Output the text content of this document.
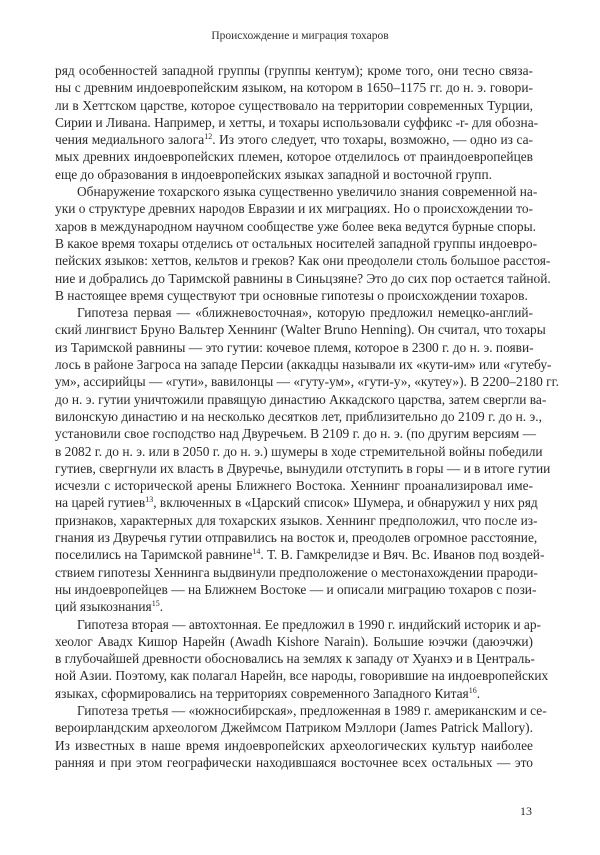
Происхождение и миграция тохаров
ряд особенностей западной группы (группы кентум); кроме того, они тесно связа-
ны с древним индоевропейским языком, на котором в 1650–1175 гг. до н. э. говори-
ли в Хеттском царстве, которое существовало на территории современных Турции,
Сирии и Ливана. Например, и хетты, и тохары использовали суффикс -r- для обозна-
чения медиального залога$^{12}$. Из этого следует, что тохары, возможно, — одно из са-
мых древних индоевропейских племен, которое отделилось от праиндоевропейцев
еще до образования в индоевропейских языках западной и восточной групп.
Обнаружение тохарского языка существенно увеличило знания современной на-
уки о структуре древних народов Евразии и их миграциях. Но о происхождении то-
харов в международном научном сообществе уже более века ведутся бурные споры.
В какое время тохары отделись от остальных носителей западной группы индоевро-
пейских языков: хеттов, кельтов и греков? Как они преодолели столь большое расстоя-
ние и добрались до Таримской равнины в Синьцзяне? Это до сих пор остается тайной.
В настоящее время существуют три основные гипотезы о происхождении тохаров.
Гипотеза первая — «ближневосточная», которую предложил немецко-англий-
ский лингвист Бруно Вальтер Хеннинг (Walter Bruno Henning). Он считал, что тохары
из Таримской равнины — это гутии: кочевое племя, которое в 2300 г. до н. э. появи-
лось в районе Загроса на западе Персии (аккадцы называли их «кути-им» или «гутебу-
ум», ассирийцы — «гути», вавилонцы — «гуту-ум», «гути-у», «кутеу»). В 2200–2180 гг.
до н. э. гутии уничтожили правящую династию Аккадского царства, затем свергли ва-
вилонскую династию и на несколько десятков лет, приблизительно до 2109 г. до н. э.,
установили свое господство над Двуречьем. В 2109 г. до н. э. (по другим версиям —
в 2082 г. до н. э. или в 2050 г. до н. э.) шумеры в ходе стремительной войны победили
гутиев, свергнули их власть в Двуречье, вынудили отступить в горы — и в итоге гутии
исчезли с исторической арены Ближнего Востока. Хеннинг проанализировал име-
на царей гутиев$^{13}$, включенных в «Царский список» Шумера, и обнаружил у них ряд
признаков, характерных для тохарских языков. Хеннинг предположил, что после из-
гнания из Двуречья гутии отправились на восток и, преодолев огромное расстояние,
поселились на Таримской равнине$^{14}$. Т. В. Гамкрелидзе и Вяч. Вс. Иванов под воздей-
ствием гипотезы Хеннинга выдвинули предположение о местонахождении прароди-
ны индоевропейцев — на Ближнем Востоке — и описали миграцию тохаров с пози-
ций языкознания$^{15}$.
Гипотеза вторая — автохтонная. Ее предложил в 1990 г. индийский историк и ар-
хеолог Авадх Кишор Нарейн (Awadh Kishore Narain). Большие юэчжи (даюэчжи)
в глубочайшей древности обосновались на землях к западу от Хуанхэ и в Централь-
ной Азии. Поэтому, как полагал Нарейн, все народы, говорившие на индоевропейских
языках, сформировались на территориях современного Западного Китая$^{16}$.
Гипотеза третья — «южносибирская», предложенная в 1989 г. американским и се-
вероирландским археологом Джеймсом Патриком Мэллори (James Patrick Mallory).
Из известных в наше время индоевропейских археологических культур наиболее
ранняя и при этом географически находившаяся восточнее всех остальных — это
13
